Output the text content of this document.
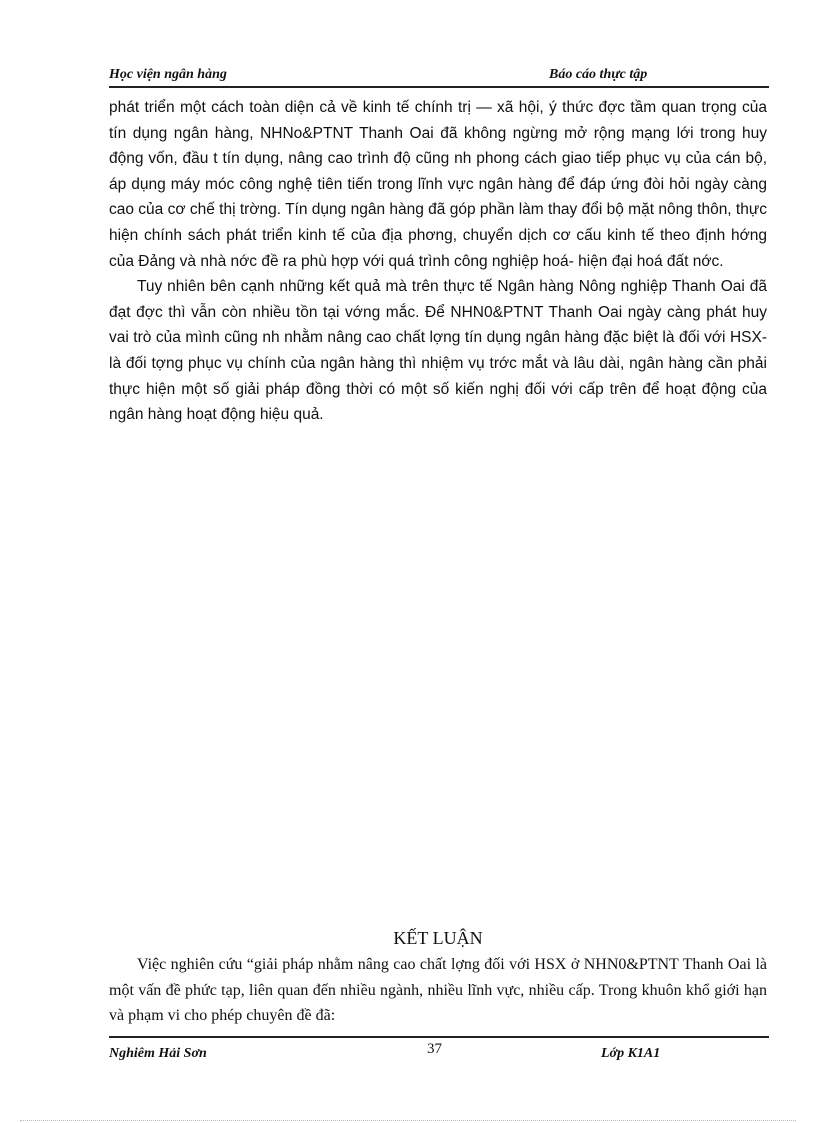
Học viện ngân hàng	Báo cáo thực tập

phát triển một cách toàn diện cả về kinh tế chính trị — xã hội, ý thức đợc tầm quan trọng của tín dụng ngân hàng, NHNo&PTNT Thanh Oai đã không ngừng mở rộng mạng lới trong huy động vốn, đầu t tín dụng, nâng cao trình độ cũng nh phong cách giao tiếp phục vụ của cán bộ, áp dụng máy móc công nghệ tiên tiến trong lĩnh vực ngân hàng để đáp ứng đòi hỏi ngày càng cao của cơ chế thị trờng. Tín dụng ngân hàng đã góp phần làm thay đổi bộ mặt nông thôn, thực hiện chính sách phát triển kinh tế của địa phơng, chuyển dịch cơ cấu kinh tế theo định hớng của Đảng và nhà nớc đề ra phù hợp với quá trình công nghiệp hoá- hiện đại hoá đất nớc.

Tuy nhiên bên cạnh những kết quả mà trên thực tế Ngân hàng Nông nghiệp Thanh Oai đã đạt đợc thì vẫn còn nhiều tồn tại vớng mắc. Để NHN0&PTNT Thanh Oai ngày càng phát huy vai trò của mình cũng nh nhằm nâng cao chất lợng tín dụng ngân hàng đặc biệt là đối với HSX- là đối tợng phục vụ chính của ngân hàng thì nhiệm vụ trớc mắt và lâu dài, ngân hàng cần phải thực hiện một số giải pháp đồng thời có một số kiến nghị đối với cấp trên để hoạt động của ngân hàng hoạt động hiệu quả.

KẾT LUẬN

Việc nghiên cứu “giải pháp nhằm nâng cao chất lợng đối với HSX ở NHN0&PTNT Thanh Oai là một vấn đề phức tạp, liên quan đến nhiều ngành, nhiều lĩnh vực, nhiều cấp. Trong khuôn khổ giới hạn và phạm vi cho phép chuyên đề đã:

Nghiêm Hải Sơn	37	Lớp K1A1
